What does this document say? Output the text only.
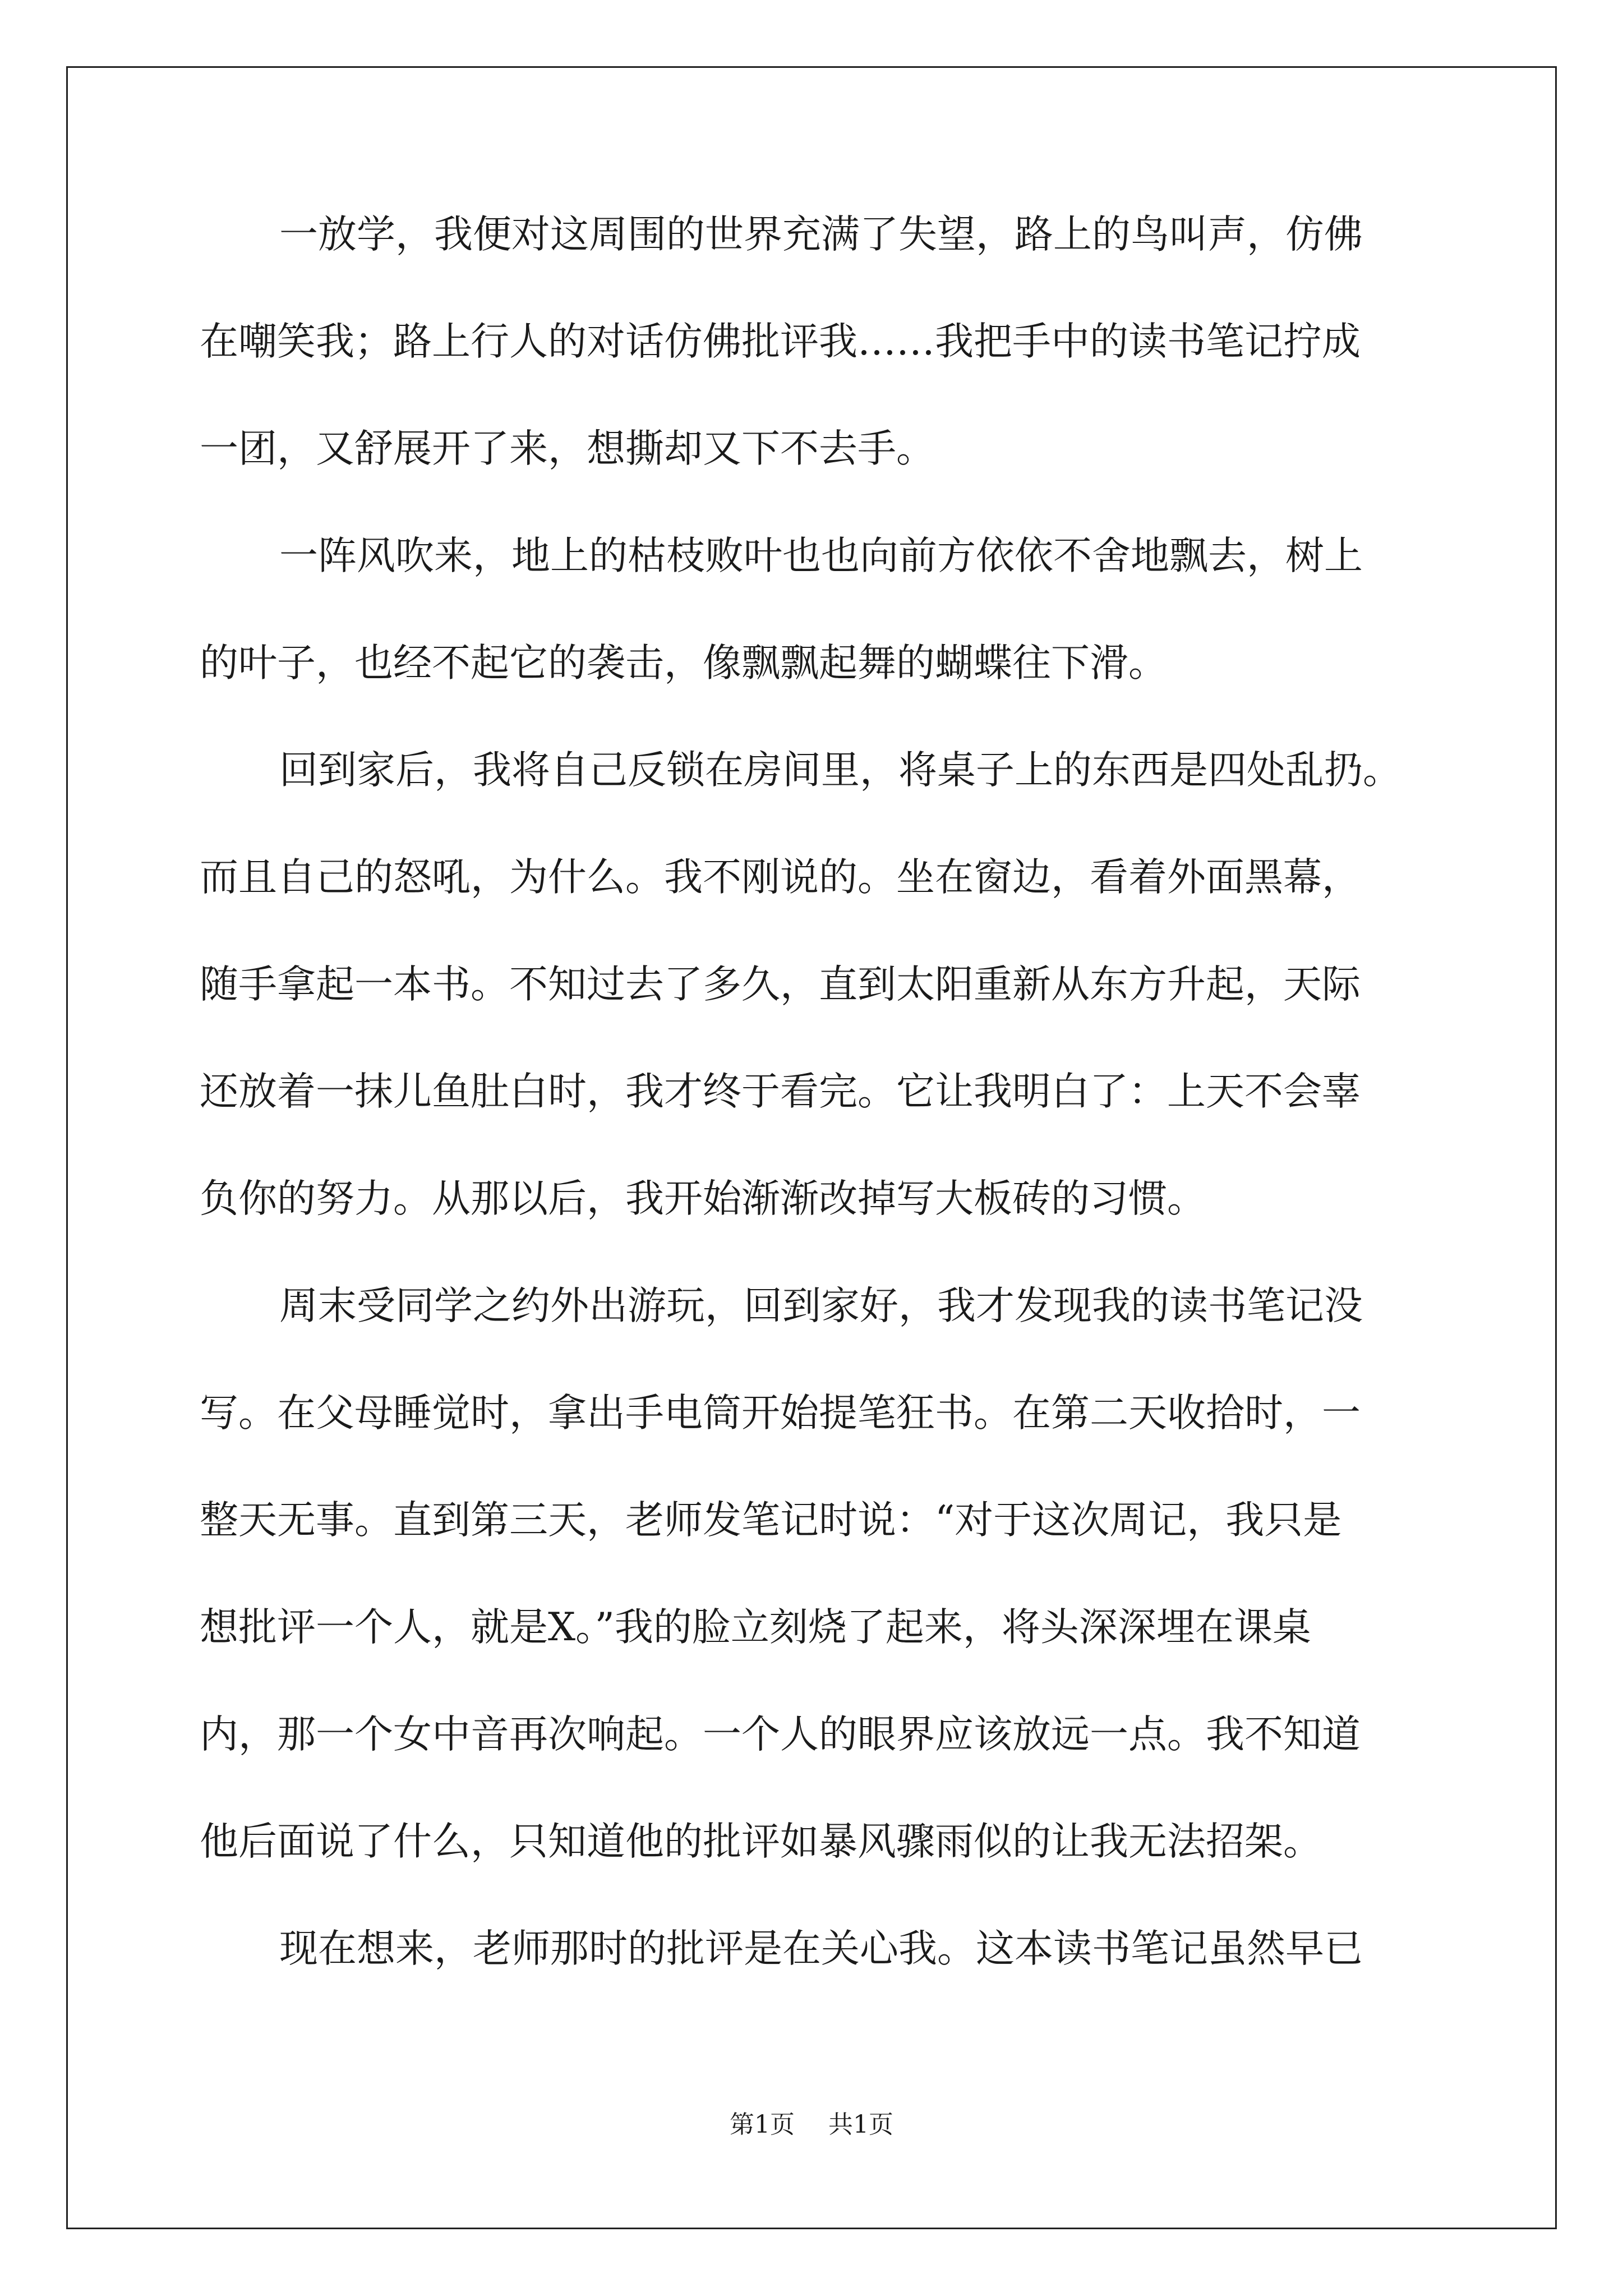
一放学，我便对这周围的世界充满了失望，路上的鸟叫声，仿佛
在嘲笑我；路上行人的对话仿佛批评我……我把手中的读书笔记拧成
一团，又舒展开了来，想撕却又下不去手。
一阵风吹来，地上的枯枝败叶也也向前方依依不舍地飘去，树上
的叶子，也经不起它的袭击，像飘飘起舞的蝴蝶往下滑。
回到家后，我将自己反锁在房间里，将桌子上的东西是四处乱扔。
而且自己的怒吼，为什么。我不刚说的。坐在窗边，看着外面黑幕，
随手拿起一本书。不知过去了多久，直到太阳重新从东方升起，天际
还放着一抹儿鱼肚白时，我才终于看完。它让我明白了：上天不会辜
负你的努力。从那以后，我开始渐渐改掉写大板砖的习惯。
周末受同学之约外出游玩，回到家好，我才发现我的读书笔记没
写。在父母睡觉时，拿出手电筒开始提笔狂书。在第二天收拾时，一
整天无事。直到第三天，老师发笔记时说：“对于这次周记，我只是
想批评一个人，就是X。”我的脸立刻烧了起来，将头深深埋在课桌
内，那一个女中音再次响起。一个人的眼界应该放远一点。我不知道
他后面说了什么，只知道他的批评如暴风骤雨似的让我无法招架。
现在想来，老师那时的批评是在关心我。这本读书笔记虽然早已
第1页 共1页
